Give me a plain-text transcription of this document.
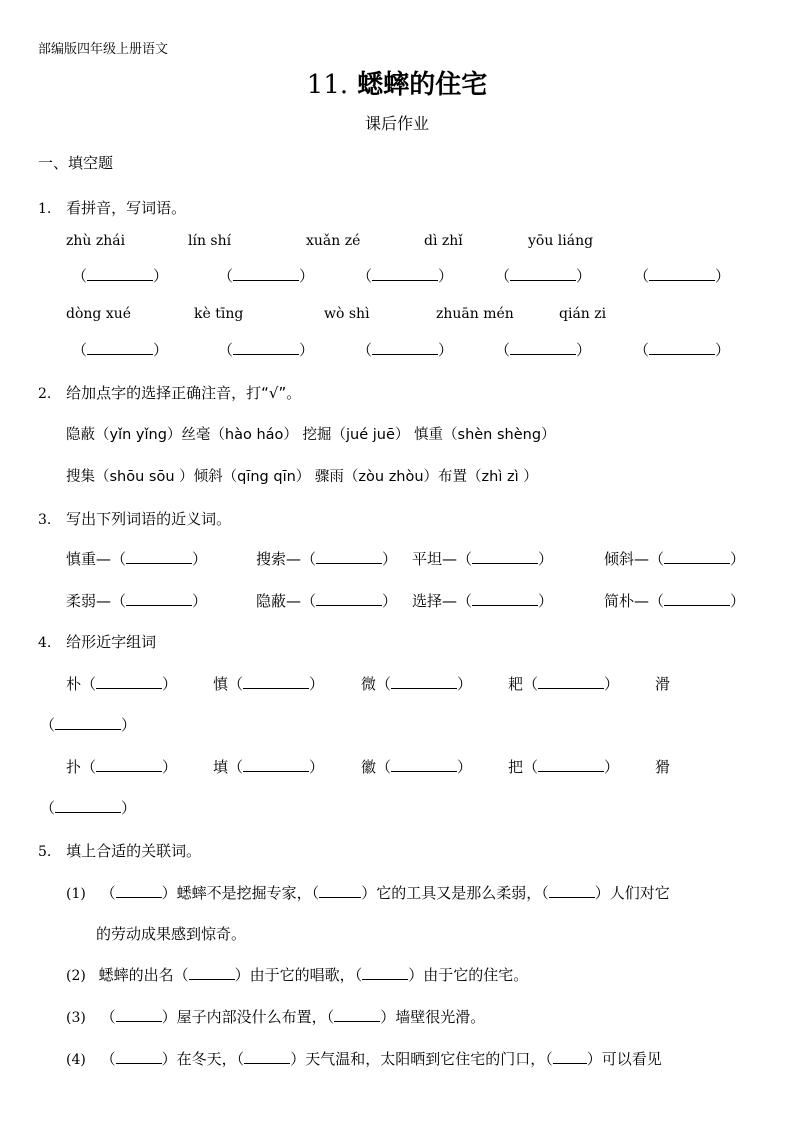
部编版四年级上册语文
11. 蟋蟀的住宅
课后作业
一、填空题
1. 看拼音，写词语。
zhù zhái	lín shí	xuǎn zé	dì zhǐ	yōu liáng
（	）	（	）	（	）	（	）	（	）
dòng xué	kè tīng	wò shì	zhuān mén	qián zi
（	）	（	）	（	）	（	）	（	）
2. 给加点字的选择正确注音，打“√”。
隐蔽（yǐn yǐng）丝毫（hào háo） 挖掘（jué juē） 慎重（shèn shèng）
搜集（shōu sōu ）倾斜（qīng qīn） 骤雨（zòu zhòu）布置（zhì zì ）
3. 写出下列词语的近义词。
慎重—（	）	搜索—（	） 平坦—（	）	倾斜—（	）
柔弱—（	）	隐蔽—（	） 选择—（	）	简朴—（	）
4. 给形近字组词
朴（	） 慎（	） 微（	） 耙（	） 滑
（	）
扑（	） 填（	） 徽（	） 把（	） 猾
（	）
5. 填上合适的关联词。
(1) （	）蟋蟀不是挖掘专家，（	）它的工具又是那么柔弱，（	）人们对它
的劳动成果感到惊奇。
(2) 蟋蟀的出名（	）由于它的唱歌，（	）由于它的住宅。
(3) （	）屋子内部没什么布置，（	）墙壁很光滑。
(4) （	）在冬天，（	）天气温和，太阳晒到它住宅的门口，（ ）可以看见
